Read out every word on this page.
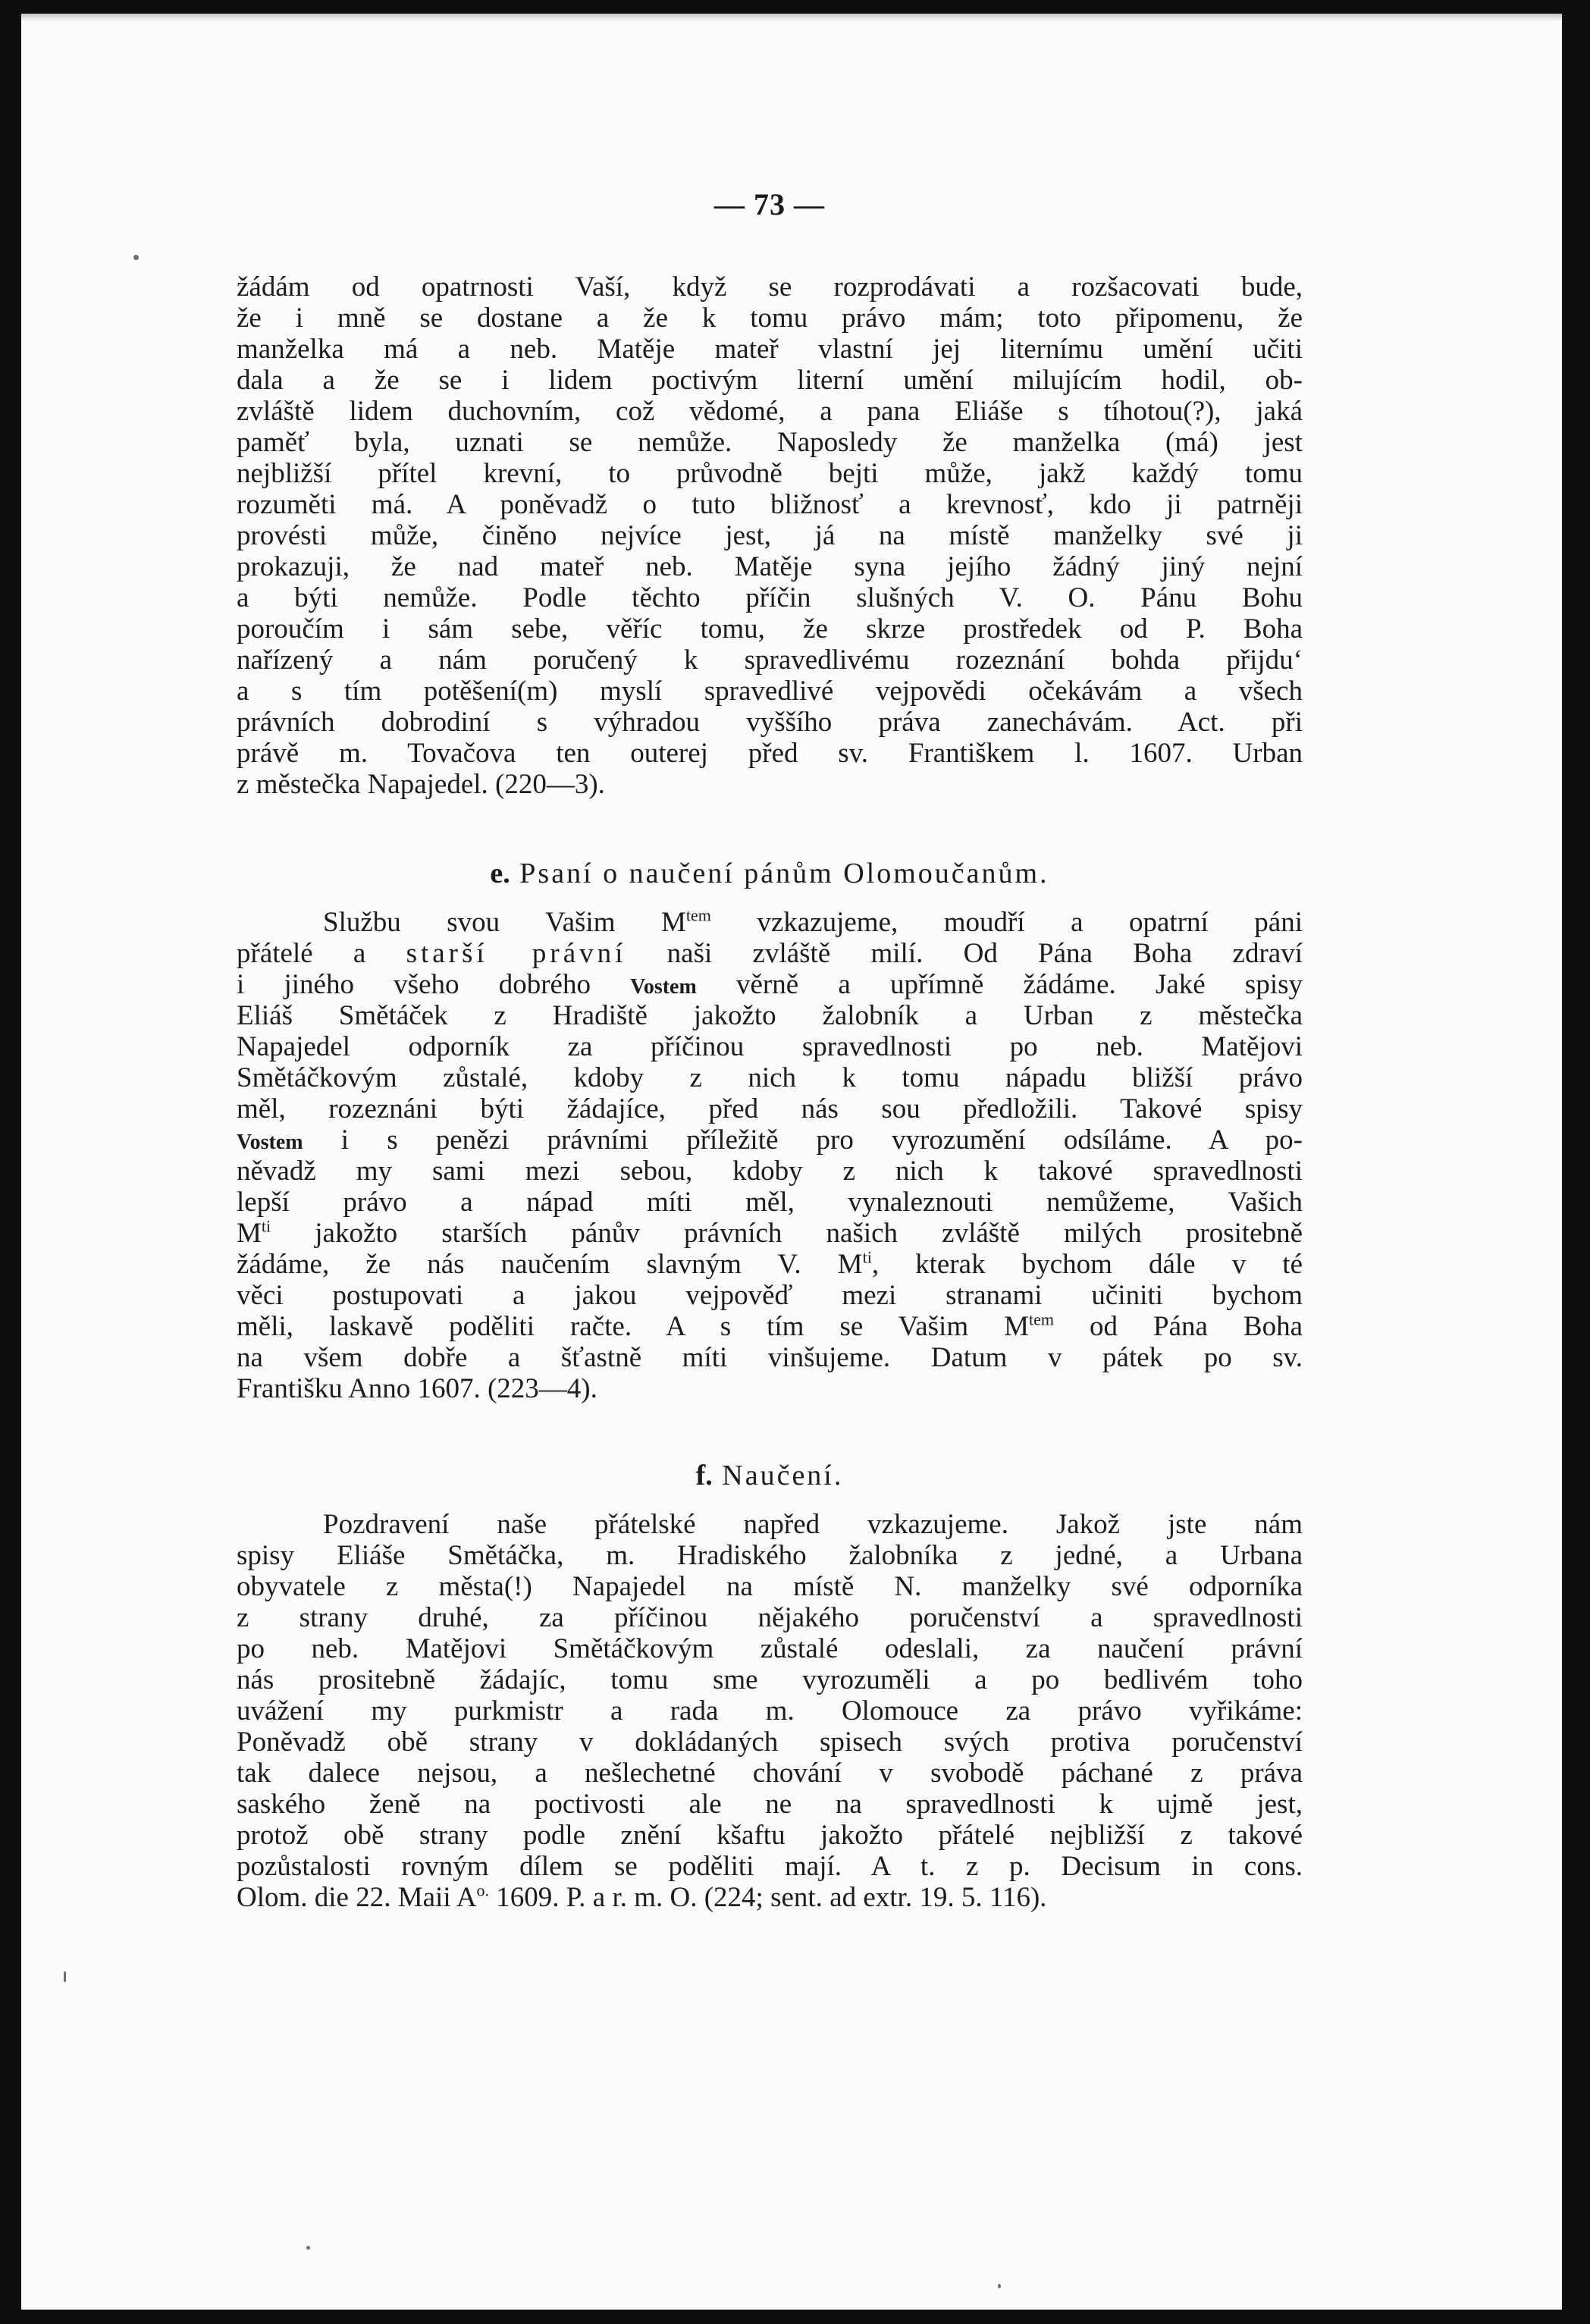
— 73 —
žádám od opatrnosti Vaší, když se rozprodávati a rozšacovati bude,
že i mně se dostane a že k tomu právo mám; toto připomenu, že
manželka má a neb. Matěje mateř vlastní jej liternímu umění učiti
dala a že se i lidem poctivým literní umění milujícím hodil, ob-
zvláště lidem duchovním, což vědomé, a pana Eliáše s tíhotou(?), jaká
paměť byla, uznati se nemůže. Naposledy že manželka (má) jest
nejbližší přítel krevní, to průvodně bejti může, jakž každý tomu
rozuměti má. A poněvadž o tuto bližnosť a krevnosť, kdo ji patrněji
provésti může, činěno nejvíce jest, já na místě manželky své ji
prokazuji, že nad mateř neb. Matěje syna jejího žádný jiný nejní
a býti nemůže. Podle těchto příčin slušných V. O. Pánu Bohu
poroučím i sám sebe, věříc tomu, že skrze prostředek od P. Boha
nařízený a nám poručený k spravedlivému rozeznání bohda přijdu‘
a s tím potěšení(m) myslí spravedlivé vejpovědi očekávám a všech
právních dobrodiní s výhradou vyššího práva zanechávám. Act. při
právě m. Tovačova ten outerej před sv. Františkem l. 1607. Urban
z městečka Napajedel. (220—3).
e. Psaní o naučení pánům Olomoučanům.
Službu svou Vašim $M^{tem}$ vzkazujeme, moudří a opatrní páni
přátelé a starší právní naši zvláště milí. Od Pána Boha zdraví
i jiného všeho dobrého Vostem věrně a upřímně žádáme. Jaké spisy
Eliáš Smětáček z Hradiště jakožto žalobník a Urban z městečka
Napajedel odporník za příčinou spravedlnosti po neb. Matějovi
Smětáčkovým zůstalé, kdoby z nich k tomu nápadu bližší právo
měl, rozeznáni býti žádajíce, před nás sou předložili. Takové spisy
Vostem i s penězi právními příležitě pro vyrozumění odsíláme. A po-
něvadž my sami mezi sebou, kdoby z nich k takové spravedlnosti
lepší právo a nápad míti měl, vynaleznouti nemůžeme, Vašich
$M^{ti}$ jakožto starších pánův právních našich zvláště milých prositebně
žádáme, že nás naučením slavným V. $M^{ti}$, kterak bychom dále v té
věci postupovati a jakou vejpověď mezi stranami učiniti bychom
měli, laskavě poděliti račte. A s tím se Vašim $M^{tem}$ od Pána Boha
na všem dobře a šťastně míti vinšujeme. Datum v pátek po sv.
Františku Anno 1607. (223—4).
f. Naučení.
Pozdravení naše přátelské napřed vzkazujeme. Jakož jste nám
spisy Eliáše Smětáčka, m. Hradiského žalobníka z jedné, a Urbana
obyvatele z města(!) Napajedel na místě N. manželky své odporníka
z strany druhé, za příčinou nějakého poručenství a spravedlnosti
po neb. Matějovi Smětáčkovým zůstalé odeslali, za naučení právní
nás prositebně žádajíc, tomu sme vyrozuměli a po bedlivém toho
uvážení my purkmistr a rada m. Olomouce za právo vyřikáme:
Poněvadž obě strany v dokládaných spisech svých protiva poručenství
tak dalece nejsou, a nešlechetné chování v svobodě páchané z práva
saského ženě na poctivosti ale ne na spravedlnosti k ujmě jest,
protož obě strany podle znění kšaftu jakožto přátelé nejbližší z takové
pozůstalosti rovným dílem se poděliti mají. A t. z p. Decisum in cons.
Olom. die 22. Maii $A^{o.}$ 1609. P. a r. m. O. (224; sent. ad extr. 19. 5. 116).
